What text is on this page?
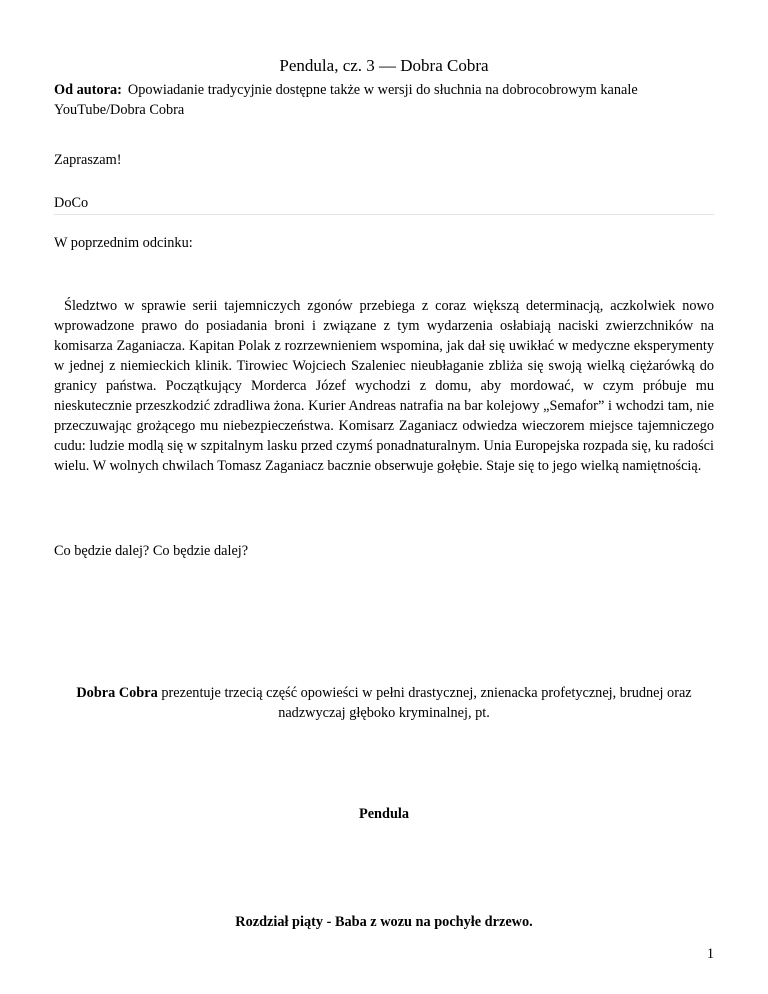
Pendula, cz. 3 — Dobra Cobra
Od autora: Opowiadanie tradycyjnie dostępne także w wersji do słuchnia na dobrocobrowym kanale YouTube/Dobra Cobra
Zapraszam!
DoCo
W poprzednim odcinku:
Śledztwo w sprawie serii tajemniczych zgonów przebiega z coraz większą determinacją, aczkolwiek nowo wprowadzone prawo do posiadania broni i związane z tym wydarzenia osłabiają naciski zwierzchników na komisarza Zaganiacza. Kapitan Polak z rozrzewnieniem wspomina, jak dał się uwikłać w medyczne eksperymenty w jednej z niemieckich klinik. Tirowiec Wojciech Szaleniec nieubłaganie zbliża się swoją wielką ciężarówką do granicy państwa. Początkujący Morderca Józef wychodzi z domu, aby mordować, w czym próbuje mu nieskutecznie przeszkodzić zdradliwa żona. Kurier Andreas natrafia na bar kolejowy „Semafor” i wchodzi tam, nie przeczuwając grożącego mu niebezpieczeństwa. Komisarz Zaganiacz odwiedza wieczorem miejsce tajemniczego cudu: ludzie modlą się w szpitalnym lasku przed czymś ponadnaturalnym. Unia Europejska rozpada się, ku radości wielu. W wolnych chwilach Tomasz Zaganiacz bacznie obserwuje gołębie. Staje się to jego wielką namiętnością.
Co będzie dalej? Co będzie dalej?
Dobra Cobra prezentuje trzecią część opowieści w pełni drastycznej, znienacka profetycznej, brudnej oraz nadzwyczaj głęboko kryminalnej, pt.
Pendula
Rozdział piąty - Baba z wozu na pochyłe drzewo.
1
